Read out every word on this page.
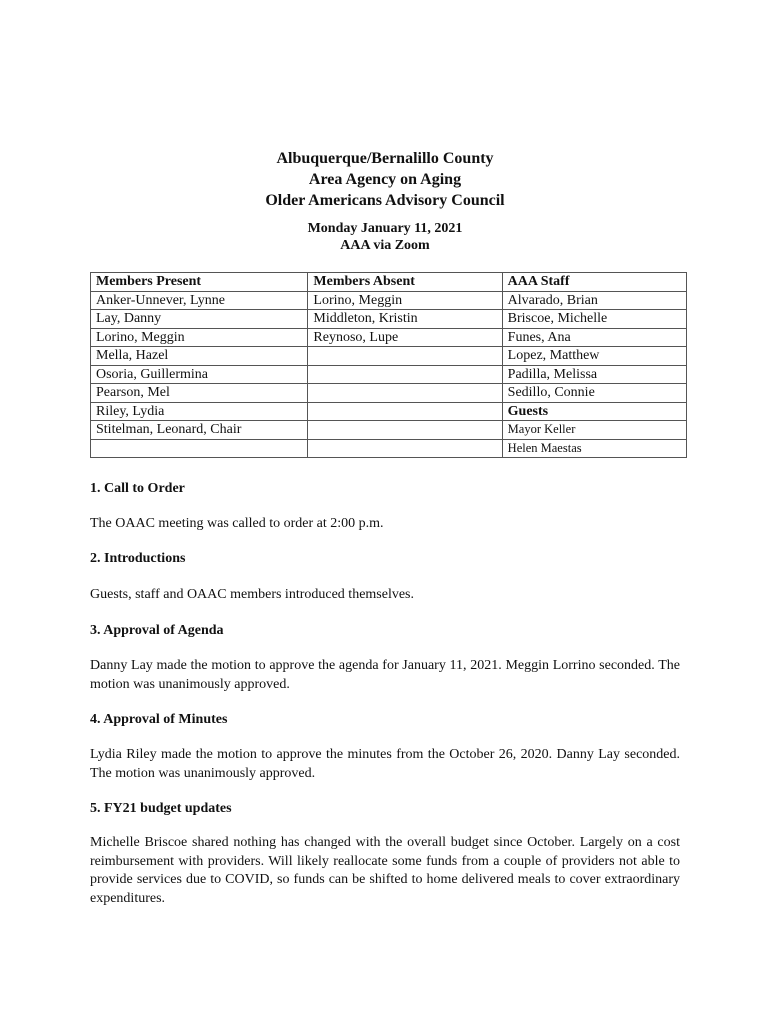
Albuquerque/Bernalillo County
Area Agency on Aging
Older Americans Advisory Council
Monday January 11, 2021
AAA via Zoom
Members Present	Members Absent	AAA Staff
Anker-Unnever, Lynne	Lorino, Meggin	Alvarado, Brian
Lay, Danny	Middleton, Kristin	Briscoe, Michelle
Lorino, Meggin	Reynoso, Lupe	Funes, Ana
Mella, Hazel		Lopez, Matthew
Osoria, Guillermina		Padilla, Melissa
Pearson, Mel		Sedillo, Connie
Riley, Lydia		Guests
Stitelman, Leonard, Chair		Mayor Keller
		Helen Maestas
1. Call to Order
The OAAC meeting was called to order at 2:00 p.m.
2. Introductions
Guests, staff and OAAC members introduced themselves.
3. Approval of Agenda
Danny Lay made the motion to approve the agenda for January 11, 2021. Meggin Lorrino seconded. The motion was unanimously approved.
4. Approval of Minutes
Lydia Riley made the motion to approve the minutes from the October 26, 2020. Danny Lay seconded. The motion was unanimously approved.
5. FY21 budget updates
Michelle Briscoe shared nothing has changed with the overall budget since October. Largely on a cost reimbursement with providers. Will likely reallocate some funds from a couple of providers not able to provide services due to COVID, so funds can be shifted to home delivered meals to cover extraordinary expenditures.
